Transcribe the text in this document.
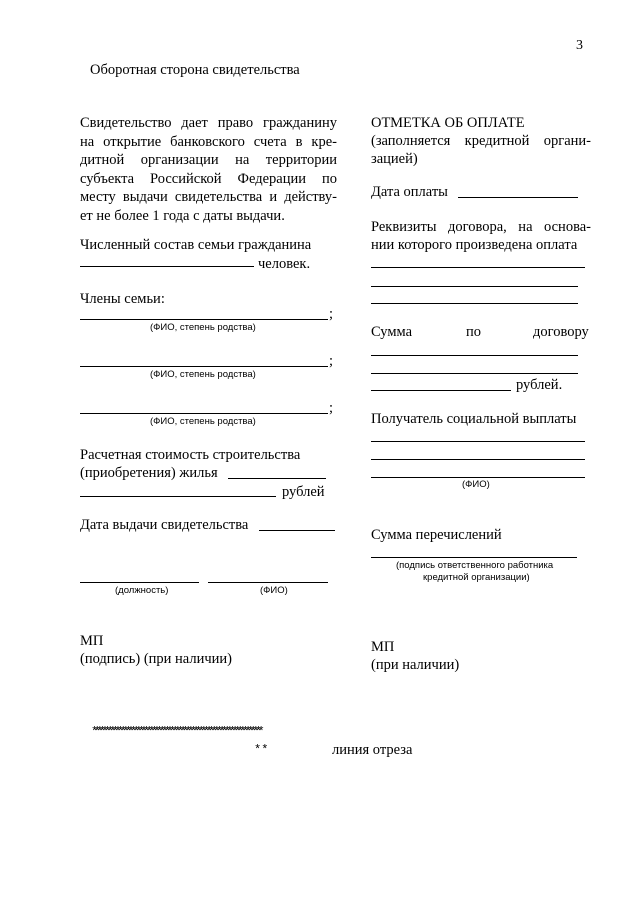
3
Оборотная сторона свидетельства
Свидетельство дает право гражданину
на открытие банковского счета в кре-
дитной организации на территории
субъекта Российской Федерации по
месту выдачи свидетельства и действу-
ет не более 1 года с даты выдачи.
Численный состав семьи гражданина
человек.
Члены семьи:
;
(ФИО, степень родства)
;
(ФИО, степень родства)
;
(ФИО, степень родства)
Расчетная стоимость строительства
(приобретения) жилья
рублей
Дата выдачи свидетельства
(должность)	(ФИО)
МП
(подпись) (при наличии)
ОТМЕТКА ОБ ОПЛАТЕ
(заполняется кредитной органи-
зацией)
Дата оплаты
Реквизиты договора, на основа-
нии которого произведена оплата
Сумма	по	договору
рублей.
Получатель социальной выплаты
(ФИО)
Сумма перечислений
(подпись ответственного работника
кредитной организации)
МП
(при наличии)
*****************************************************************
**	линия отреза
